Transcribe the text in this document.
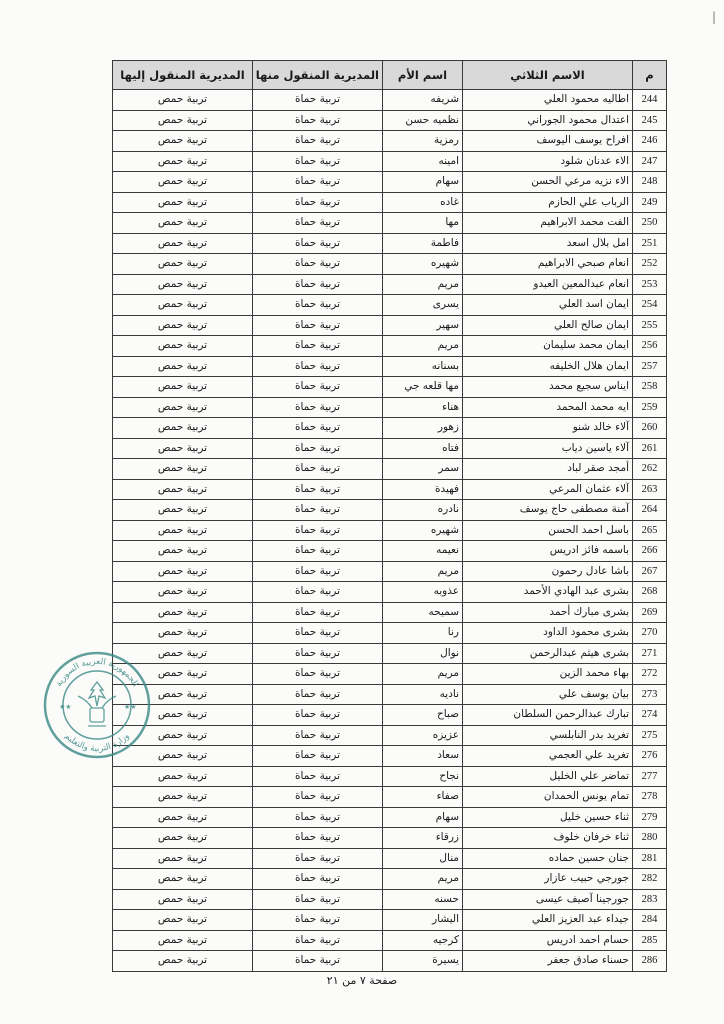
|
م	الاسم الثلاثي	اسم الأم	المديرية المنقول منها	المديرية المنقول إليها
244	اطاليه محمود العلي	شريفه	تربية حماة	تربية حمص
245	اعتدال محمود الجوراني	نظميه حسن	تربية حماة	تربية حمص
246	افراح يوسف اليوسف	رمزية	تربية حماة	تربية حمص
247	الاء عدنان شلود	امينه	تربية حماة	تربية حمص
248	الاء نزيه مرعي الحسن	سهام	تربية حماة	تربية حمص
249	الرباب علي الحازم	غاده	تربية حماة	تربية حمص
250	الفت محمد الابراهيم	مها	تربية حماة	تربية حمص
251	امل بلال اسعد	فاطمة	تربية حماة	تربية حمص
252	انعام صبحي الابراهيم	شهيره	تربية حماة	تربية حمص
253	انعام عبدالمعين العبدو	مريم	تربية حماة	تربية حمص
254	ايمان اسد العلي	يسرى	تربية حماة	تربية حمص
255	ايمان صالح العلي	سهير	تربية حماة	تربية حمص
256	ايمان محمد سليمان	مريم	تربية حماة	تربية حمص
257	ايمان هلال الخليفه	بسنانه	تربية حماة	تربية حمص
258	ايناس سجيع محمد	مها قلعه جي	تربية حماة	تربية حمص
259	ايه محمد المحمد	هناء	تربية حماة	تربية حمص
260	آلاء خالد شنو	زهور	تربية حماة	تربية حمص
261	آلاء ياسين دياب	فتاه	تربية حماة	تربية حمص
262	أمجد صقر لباد	سمر	تربية حماة	تربية حمص
263	آلاء عثمان المرعي	فهيدة	تربية حماة	تربية حمص
264	آمنة مصطفى حاج يوسف	نادره	تربية حماة	تربية حمص
265	باسل احمد الحسن	شهيره	تربية حماة	تربية حمص
266	باسمه فائز ادريس	نعيمه	تربية حماة	تربية حمص
267	باشا عادل رحمون	مريم	تربية حماة	تربية حمص
268	بشرى عبد الهادي الأحمد	عذوبه	تربية حماة	تربية حمص
269	بشرى مبارك أحمد	سميحه	تربية حماة	تربية حمص
270	بشرى محمود الداود	رنا	تربية حماة	تربية حمص
271	بشرى هيثم عبدالرحمن	نوال	تربية حماة	تربية حمص
272	بهاء محمد الزين	مريم	تربية حماة	تربية حمص
273	بيان يوسف علي	ناديه	تربية حماة	تربية حمص
274	تبارك عبدالرحمن السلطان	صباح	تربية حماة	تربية حمص
275	تغريد بدر النابلسي	عزيزه	تربية حماة	تربية حمص
276	تغريد علي العجمي	سعاد	تربية حماة	تربية حمص
277	تماضر علي الخليل	نجاح	تربية حماة	تربية حمص
278	تمام يونس الحمدان	صفاء	تربية حماة	تربية حمص
279	ثناء حسين خليل	سهام	تربية حماة	تربية حمص
280	ثناء خرفان خلوف	زرقاء	تربية حماة	تربية حمص
281	جنان حسين حماده	منال	تربية حماة	تربية حمص
282	جورجي حبيب عازار	مريم	تربية حماة	تربية حمص
283	جورجينا آصيف عيسى	حسنه	تربية حماة	تربية حمص
284	جيداء عبد العزيز العلي	اليشار	تربية حماة	تربية حمص
285	حسام احمد ادريس	كرجيه	تربية حماة	تربية حمص
286	حسناء صادق جعفر	يسيرة	تربية حماة	تربية حمص
الجمهورية العربية السورية
وزارة التربية والتعليم
★★	★★
صفحة ٧ من ٢١
